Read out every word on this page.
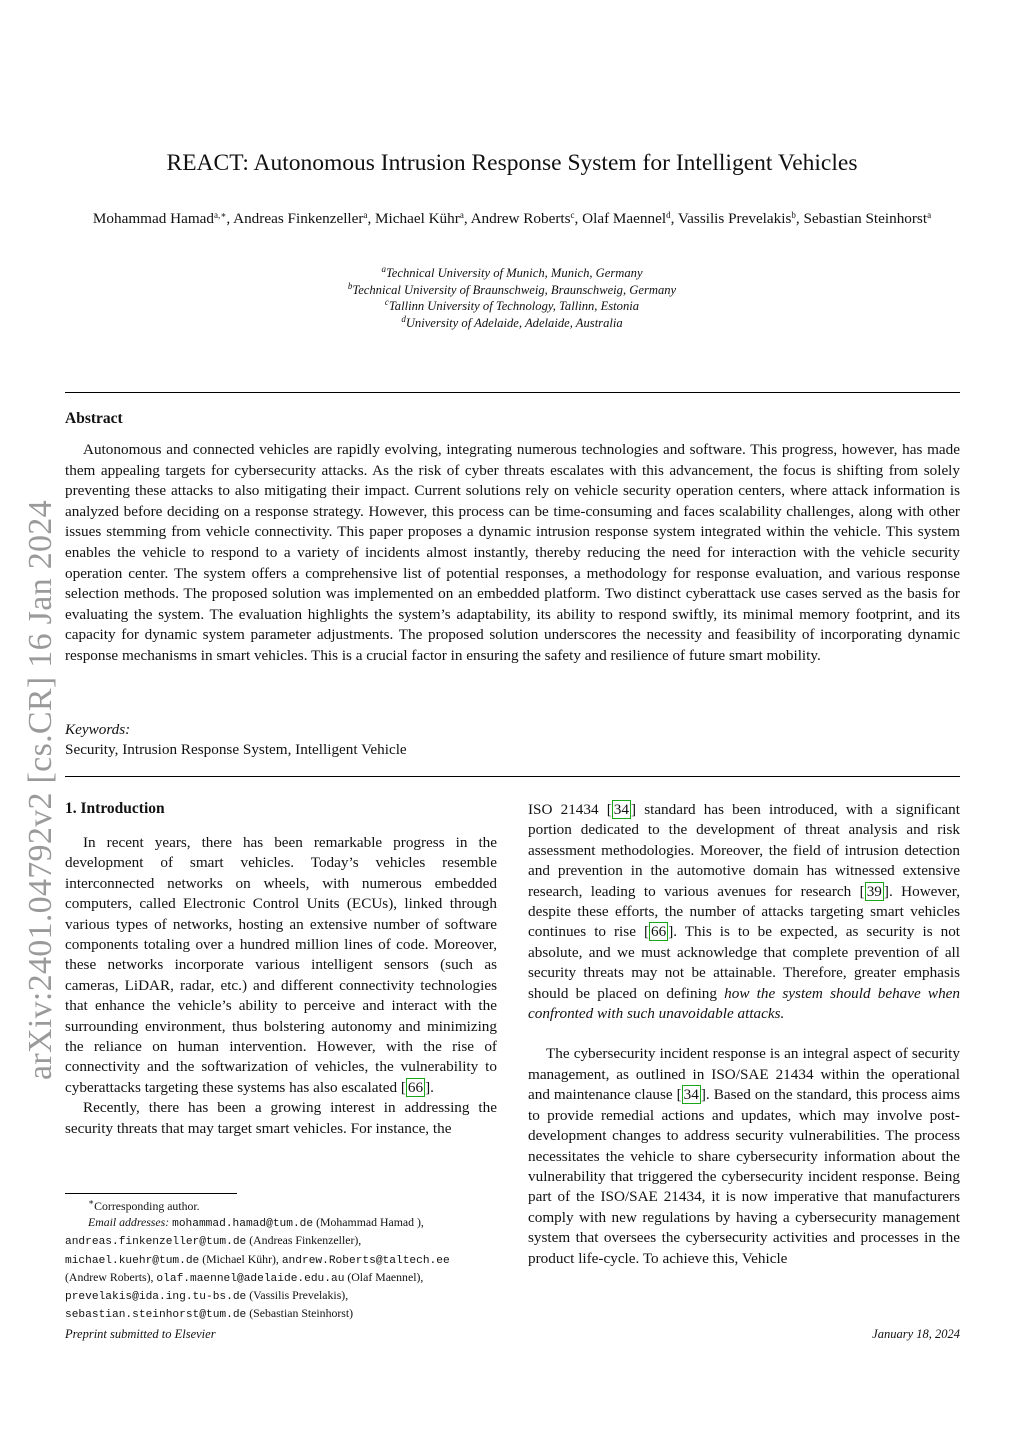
arXiv:2401.04792v2 [cs.CR] 16 Jan 2024
REACT: Autonomous Intrusion Response System for Intelligent Vehicles
Mohammad Hamad$^{a,∗}$, Andreas Finkenzeller$^a$, Michael Kühr$^a$, Andrew Roberts$^c$, Olaf Maennel$^d$, Vassilis Prevelakis$^b$, Sebastian Steinhorst$^a$
$^a$Technical University of Munich, Munich, Germany
$^b$Technical University of Braunschweig, Braunschweig, Germany
$^c$Tallinn University of Technology, Tallinn, Estonia
$^d$University of Adelaide, Adelaide, Australia
Abstract
Autonomous and connected vehicles are rapidly evolving, integrating numerous technologies and software. This progress, however, has made them appealing targets for cybersecurity attacks. As the risk of cyber threats escalates with this advancement, the focus is shifting from solely preventing these attacks to also mitigating their impact. Current solutions rely on vehicle security operation centers, where attack information is analyzed before deciding on a response strategy. However, this process can be time-consuming and faces scalability challenges, along with other issues stemming from vehicle connectivity. This paper proposes a dynamic intrusion response system integrated within the vehicle. This system enables the vehicle to respond to a variety of incidents almost instantly, thereby reducing the need for interaction with the vehicle security operation center. The system offers a comprehensive list of potential responses, a methodology for response evaluation, and various response selection methods. The proposed solution was implemented on an embedded platform. Two distinct cyberattack use cases served as the basis for evaluating the system. The evaluation highlights the system’s adaptability, its ability to respond swiftly, its minimal memory footprint, and its capacity for dynamic system parameter adjustments. The proposed solution underscores the necessity and feasibility of incorporating dynamic response mechanisms in smart vehicles. This is a crucial factor in ensuring the safety and resilience of future smart mobility.
Keywords:
Security, Intrusion Response System, Intelligent Vehicle
1. Introduction

In recent years, there has been remarkable progress in the development of smart vehicles. Today’s vehicles resemble interconnected networks on wheels, with numerous embedded computers, called Electronic Control Units (ECUs), linked through various types of networks, hosting an extensive number of software components totaling over a hundred million lines of code. Moreover, these networks incorporate various intelligent sensors (such as cameras, LiDAR, radar, etc.) and different connectivity technologies that enhance the vehicle’s ability to perceive and interact with the surrounding environment, thus bolstering autonomy and minimizing the reliance on human intervention. However, with the rise of connectivity and the softwarization of vehicles, the vulnerability to cyberattacks targeting these systems has also escalated [ 66 ].

Recently, there has been a growing interest in addressing the security threats that may target smart vehicles. For instance, the

ISO 21434 [ 34 ] standard has been introduced, with a significant portion dedicated to the development of threat analysis and risk assessment methodologies. Moreover, the field of intrusion detection and prevention in the automotive domain has witnessed extensive research, leading to various avenues for research [ 39 ]. However, despite these efforts, the number of attacks targeting smart vehicles continues to rise [ 66 ]. This is to be expected, as security is not absolute, and we must acknowledge that complete prevention of all security threats may not be attainable. Therefore, greater emphasis should be placed on defining how the system should behave when confronted with such unavoidable attacks.

The cybersecurity incident response is an integral aspect of security management, as outlined in ISO/SAE 21434 within the operational and maintenance clause [ 34 ]. Based on the standard, this process aims to provide remedial actions and updates, which may involve post-development changes to address security vulnerabilities. The process necessitates the vehicle to share cybersecurity information about the vulnerability that triggered the cybersecurity incident response. Being part of the ISO/SAE 21434, it is now imperative that manufacturers comply with new regulations by having a cybersecurity management system that oversees the cybersecurity activities and processes in the product life-cycle. To achieve this, Vehicle

∗Corresponding author.
Email addresses: mohammad.hamad@tum.de (Mohammad Hamad ),
andreas.finkenzeller@tum.de (Andreas Finkenzeller),
michael.kuehr@tum.de (Michael Kühr), andrew.Roberts@taltech.ee
(Andrew Roberts), olaf.maennel@adelaide.edu.au (Olaf Maennel),
prevelakis@ida.ing.tu-bs.de (Vassilis Prevelakis),
sebastian.steinhorst@tum.de (Sebastian Steinhorst)
Preprint submitted to Elsevier	January 18, 2024
